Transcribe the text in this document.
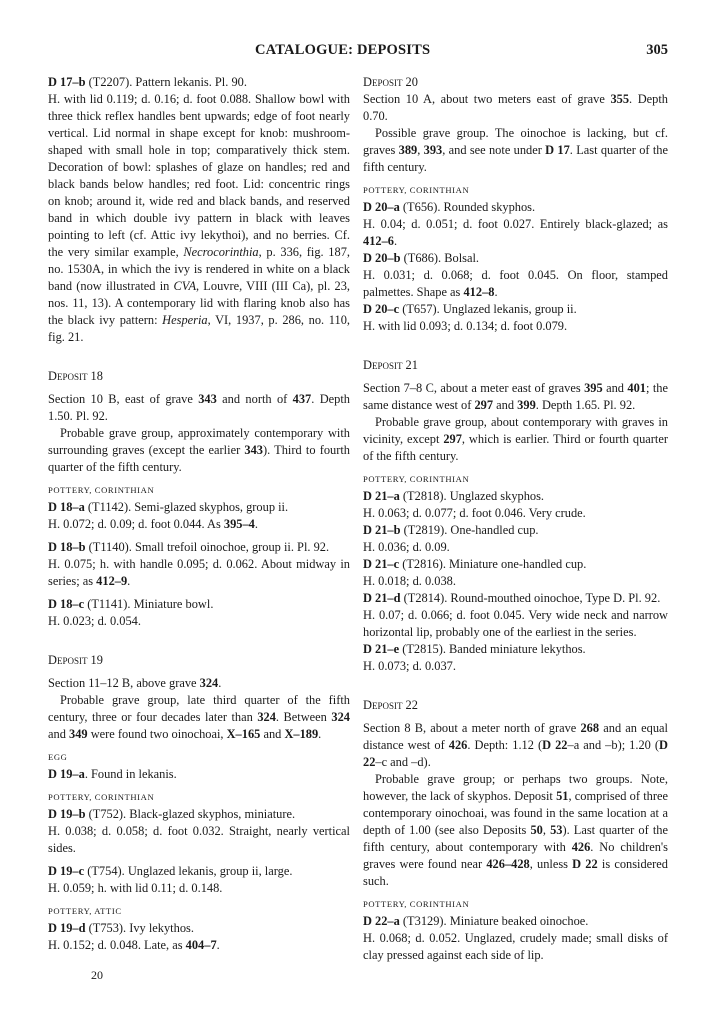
CATALOGUE: DEPOSITS	305

D 17–b (T2207). Pattern lekanis. Pl. 90.

H. with lid 0.119; d. 0.16; d. foot 0.088. Shallow bowl with three thick reflex handles bent upwards; edge of foot nearly vertical. Lid normal in shape except for knob: mushroom-shaped with small hole in top; comparatively thick stem. Decoration of bowl: splashes of glaze on handles; red and black bands below handles; red foot. Lid: concentric rings on knob; around it, wide red and black bands, and reserved band in which double ivy pattern in black with leaves pointing to left (cf. Attic ivy lekythoi), and no berries. Cf. the very similar example, Necrocorinthia, p. 336, fig. 187, no. 1530A, in which the ivy is rendered in white on a black band (now illustrated in CVA, Louvre, VIII (III Ca), pl. 23, nos. 11, 13). A contemporary lid with flaring knob also has the black ivy pattern: Hesperia, VI, 1937, p. 286, no. 110, fig. 21.

Deposit 18

Section 10 B, east of grave 343 and north of 437. Depth 1.50. Pl. 92.

Probable grave group, approximately contemporary with surrounding graves (except the earlier 343). Third to fourth quarter of the fifth century.

POTTERY, CORINTHIAN

D 18–a (T1142). Semi-glazed skyphos, group ii.

H. 0.072; d. 0.09; d. foot 0.044. As 395–4.

D 18–b (T1140). Small trefoil oinochoe, group ii. Pl. 92.

H. 0.075; h. with handle 0.095; d. 0.062. About midway in series; as 412–9.

D 18–c (T1141). Miniature bowl.

H. 0.023; d. 0.054.

Deposit 19

Section 11–12 B, above grave 324.

Probable grave group, late third quarter of the fifth century, three or four decades later than 324. Between 324 and 349 were found two oinochoai, X–165 and X–189.

EGG

D 19–a. Found in lekanis.

POTTERY, CORINTHIAN

D 19–b (T752). Black-glazed skyphos, miniature.

H. 0.038; d. 0.058; d. foot 0.032. Straight, nearly vertical sides.

D 19–c (T754). Unglazed lekanis, group ii, large.

H. 0.059; h. with lid 0.11; d. 0.148.

POTTERY, ATTIC

D 19–d (T753). Ivy lekythos.

H. 0.152; d. 0.048. Late, as 404–7.

20

Deposit 20

Section 10 A, about two meters east of grave 355. Depth 0.70.

Possible grave group. The oinochoe is lacking, but cf. graves 389, 393, and see note under D 17. Last quarter of the fifth century.

POTTERY, CORINTHIAN

D 20–a (T656). Rounded skyphos.

H. 0.04; d. 0.051; d. foot 0.027. Entirely black-glazed; as 412–6.

D 20–b (T686). Bolsal.

H. 0.031; d. 0.068; d. foot 0.045. On floor, stamped palmettes. Shape as 412–8.

D 20–c (T657). Unglazed lekanis, group ii.

H. with lid 0.093; d. 0.134; d. foot 0.079.

Deposit 21

Section 7–8 C, about a meter east of graves 395 and 401; the same distance west of 297 and 399. Depth 1.65. Pl. 92.

Probable grave group, about contemporary with graves in vicinity, except 297, which is earlier. Third or fourth quarter of the fifth century.

POTTERY, CORINTHIAN

D 21–a (T2818). Unglazed skyphos.

H. 0.063; d. 0.077; d. foot 0.046. Very crude.

D 21–b (T2819). One-handled cup.

H. 0.036; d. 0.09.

D 21–c (T2816). Miniature one-handled cup.

H. 0.018; d. 0.038.

D 21–d (T2814). Round-mouthed oinochoe, Type D. Pl. 92.

H. 0.07; d. 0.066; d. foot 0.045. Very wide neck and narrow horizontal lip, probably one of the earliest in the series.

D 21–e (T2815). Banded miniature lekythos.

H. 0.073; d. 0.037.

Deposit 22

Section 8 B, about a meter north of grave 268 and an equal distance west of 426. Depth: 1.12 (D 22–a and –b); 1.20 (D 22–c and –d).

Probable grave group; or perhaps two groups. Note, however, the lack of skyphos. Deposit 51, comprised of three contemporary oinochoai, was found in the same location at a depth of 1.00 (see also Deposits 50, 53). Last quarter of the fifth century, about contemporary with 426. No children's graves were found near 426–428, unless D 22 is considered such.

POTTERY, CORINTHIAN

D 22–a (T3129). Miniature beaked oinochoe.

H. 0.068; d. 0.052. Unglazed, crudely made; small disks of clay pressed against each side of lip.
